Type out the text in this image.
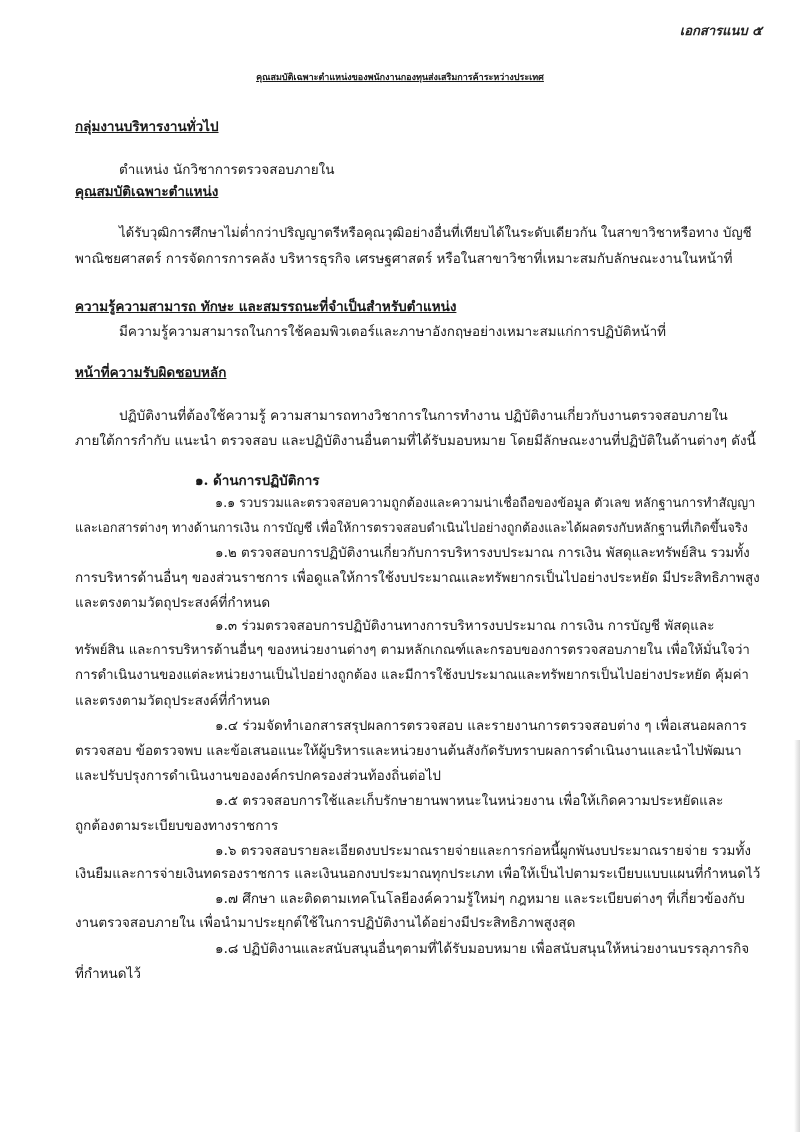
เอกสารแนบ ๕
คุณสมบัติเฉพาะตำแหน่งของพนักงานกองทุนส่งเสริมการค้าระหว่างประเทศ
กลุ่มงานบริหารงานทั่วไป
ตำแหน่ง นักวิชาการตรวจสอบภายใน
คุณสมบัติเฉพาะตำแหน่ง
ได้รับวุฒิการศึกษาไม่ต่ำกว่าปริญญาตรีหรือคุณวุฒิอย่างอื่นที่เทียบได้ในระดับเดียวกัน ในสาขาวิชาหรือทาง บัญชี
พาณิชยศาสตร์ การจัดการการคลัง บริหารธุรกิจ เศรษฐศาสตร์ หรือในสาขาวิชาที่เหมาะสมกับลักษณะงานในหน้าที่
ความรู้ความสามารถ ทักษะ และสมรรถนะที่จำเป็นสำหรับตำแหน่ง
มีความรู้ความสามารถในการใช้คอมพิวเตอร์และภาษาอังกฤษอย่างเหมาะสมแก่การปฏิบัติหน้าที่
หน้าที่ความรับผิดชอบหลัก
ปฏิบัติงานที่ต้องใช้ความรู้ ความสามารถทางวิชาการในการทำงาน ปฏิบัติงานเกี่ยวกับงานตรวจสอบภายใน
ภายใต้การกำกับ แนะนำ ตรวจสอบ และปฏิบัติงานอื่นตามที่ได้รับมอบหมาย โดยมีลักษณะงานที่ปฏิบัติในด้านต่างๆ ดังนี้
๑. ด้านการปฏิบัติการ
๑.๑ รวบรวมและตรวจสอบความถูกต้องและความน่าเชื่อถือของข้อมูล ตัวเลข หลักฐานการทำสัญญา
และเอกสารต่างๆ ทางด้านการเงิน การบัญชี เพื่อให้การตรวจสอบดำเนินไปอย่างถูกต้องและได้ผลตรงกับหลักฐานที่เกิดขึ้นจริง
๑.๒ ตรวจสอบการปฏิบัติงานเกี่ยวกับการบริหารงบประมาณ การเงิน พัสดุและทรัพย์สิน รวมทั้ง
การบริหารด้านอื่นๆ ของส่วนราชการ เพื่อดูแลให้การใช้งบประมาณและทรัพยากรเป็นไปอย่างประหยัด มีประสิทธิภาพสูง
และตรงตามวัตถุประสงค์ที่กำหนด
๑.๓ ร่วมตรวจสอบการปฏิบัติงานทางการบริหารงบประมาณ การเงิน การบัญชี พัสดุและ
ทรัพย์สิน และการบริหารด้านอื่นๆ ของหน่วยงานต่างๆ ตามหลักเกณฑ์และกรอบของการตรวจสอบภายใน เพื่อให้มั่นใจว่า
การดำเนินงานของแต่ละหน่วยงานเป็นไปอย่างถูกต้อง และมีการใช้งบประมาณและทรัพยากรเป็นไปอย่างประหยัด คุ้มค่า
และตรงตามวัตถุประสงค์ที่กำหนด
๑.๔ ร่วมจัดทำเอกสารสรุปผลการตรวจสอบ และรายงานการตรวจสอบต่าง ๆ เพื่อเสนอผลการ
ตรวจสอบ ข้อตรวจพบ และข้อเสนอแนะให้ผู้บริหารและหน่วยงานต้นสังกัดรับทราบผลการดำเนินงานและนำไปพัฒนา
และปรับปรุงการดำเนินงานขององค์กรปกครองส่วนท้องถิ่นต่อไป
๑.๕ ตรวจสอบการใช้และเก็บรักษายานพาหนะในหน่วยงาน เพื่อให้เกิดความประหยัดและ
ถูกต้องตามระเบียบของทางราชการ
๑.๖ ตรวจสอบรายละเอียดงบประมาณรายจ่ายและการก่อหนี้ผูกพันงบประมาณรายจ่าย รวมทั้ง
เงินยืมและการจ่ายเงินทดรองราชการ และเงินนอกงบประมาณทุกประเภท เพื่อให้เป็นไปตามระเบียบแบบแผนที่กำหนดไว้
๑.๗ ศึกษา และติดตามเทคโนโลยีองค์ความรู้ใหม่ๆ กฎหมาย และระเบียบต่างๆ ที่เกี่ยวข้องกับ
งานตรวจสอบภายใน เพื่อนำมาประยุกต์ใช้ในการปฏิบัติงานได้อย่างมีประสิทธิภาพสูงสุด
๑.๘ ปฏิบัติงานและสนับสนุนอื่นๆตามที่ได้รับมอบหมาย เพื่อสนับสนุนให้หน่วยงานบรรลุภารกิจ
ที่กำหนดไว้
